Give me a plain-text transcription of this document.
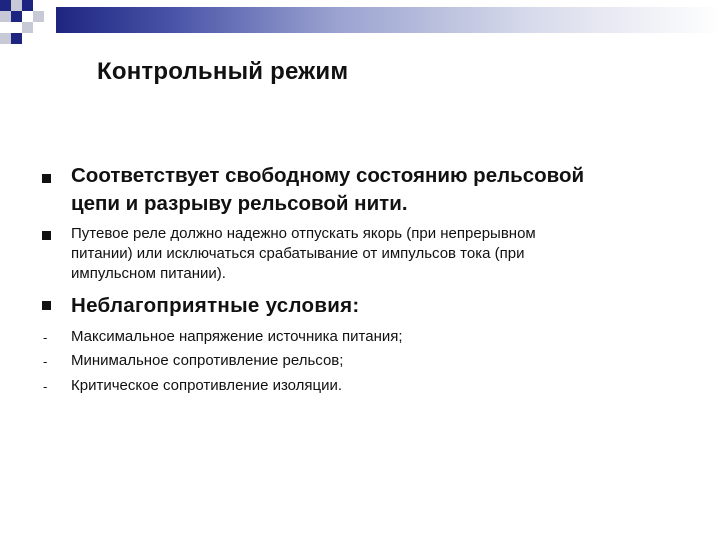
Контрольный режим
Соответствует свободному состоянию рельсовой
цепи и разрыву рельсовой нити.
Путевое реле должно надежно отпускать якорь (при непрерывном
питании) или исключаться срабатывание от импульсов тока (при
импульсном питании).
Неблагоприятные условия:
- Максимальное напряжение источника питания;
- Минимальное сопротивление рельсов;
- Критическое сопротивление изоляции.
